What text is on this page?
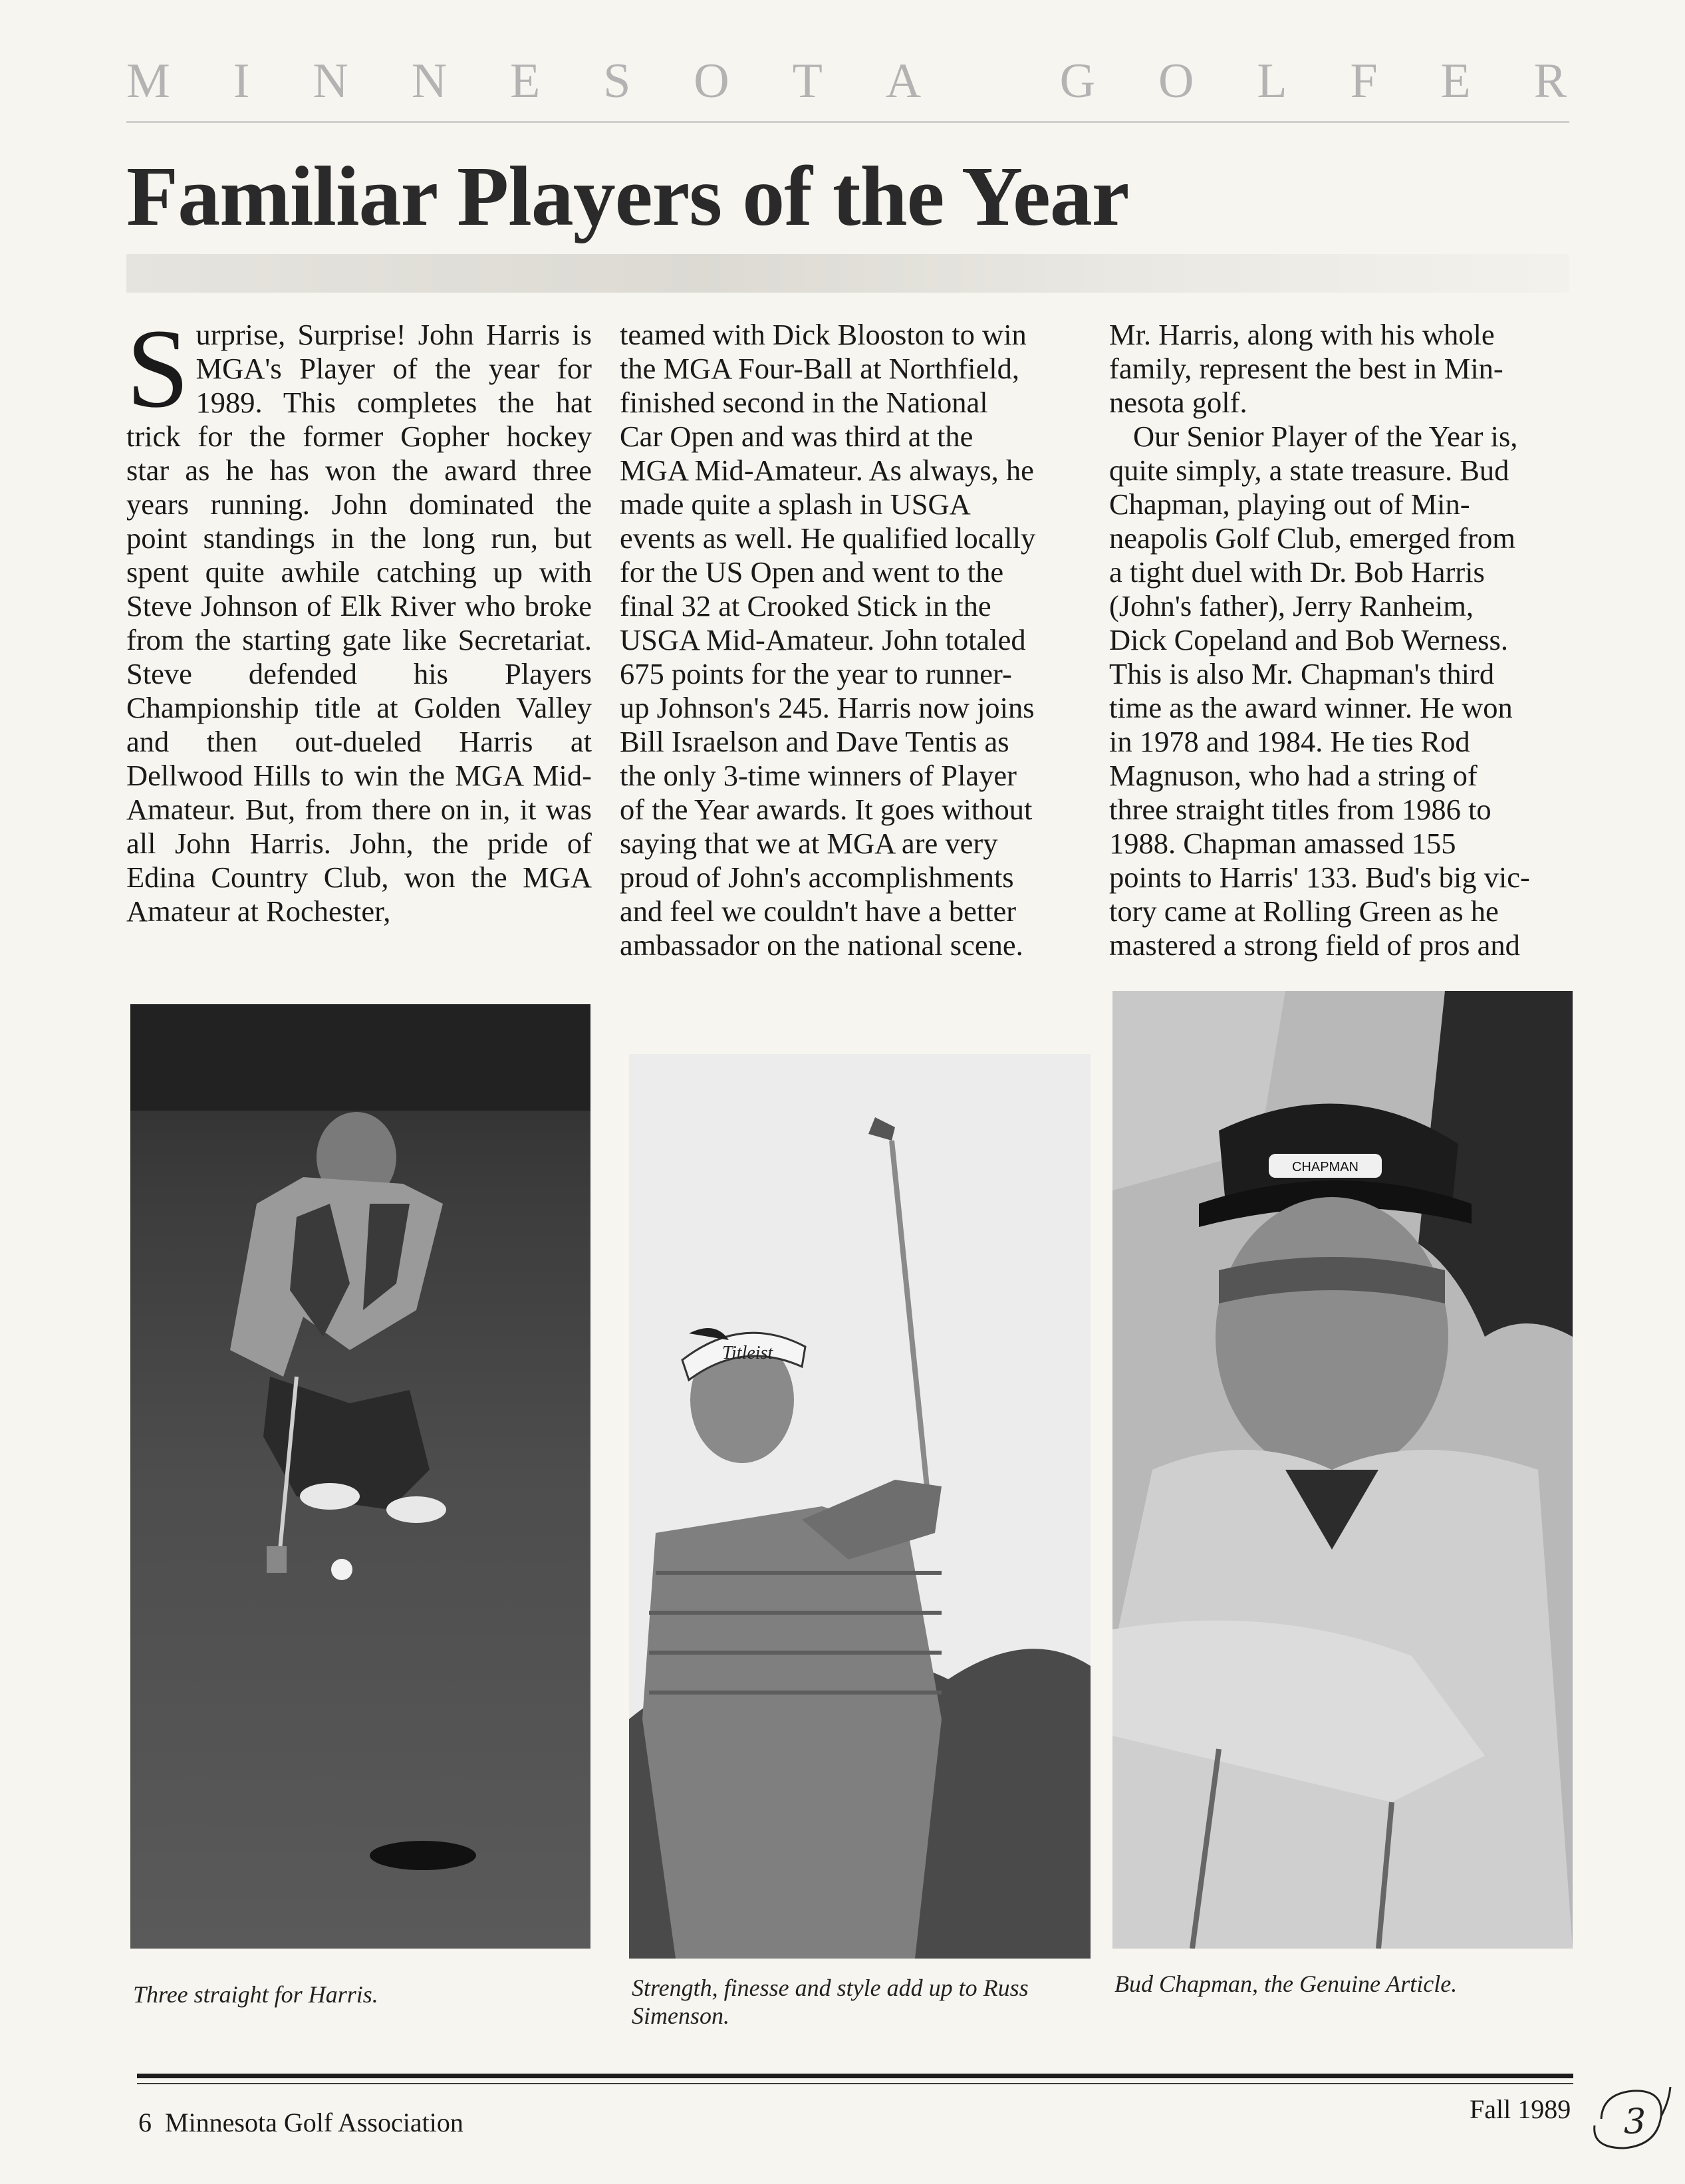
M I N N E S O T A
	G O L F E R
Familiar Players of the Year

Surprise, Surprise! John Harris is MGA's Player of the year for 1989. This completes the hat trick for the former Gopher hockey star as he has won the award three years running. John dominated the point standings in the long run, but spent quite awhile catching up with Steve Johnson of Elk River who broke from the starting gate like Secretariat. Steve defended his Players Championship title at Golden Valley and then out-dueled Harris at Dellwood Hills to win the MGA Mid-Amateur. But, from there on in, it was all John Harris. John, the pride of Edina Country Club, won the MGA Amateur at Rochester,

teamed with Dick Blooston to win
the MGA Four-Ball at Northfield,
finished second in the National
Car Open and was third at the
MGA Mid-Amateur. As always, he
made quite a splash in USGA
events as well. He qualified locally
for the US Open and went to the
final 32 at Crooked Stick in the
USGA Mid-Amateur. John totaled
675 points for the year to runner-
up Johnson's 245. Harris now joins
Bill Israelson and Dave Tentis as
the only 3-time winners of Player
of the Year awards. It goes without
saying that we at MGA are very
proud of John's accomplishments
and feel we couldn't have a better
ambassador on the national scene.
Mr. Harris, along with his whole
family, represent the best in Min-
nesota golf.
Our Senior Player of the Year is,
quite simply, a state treasure. Bud
Chapman, playing out of Min-
neapolis Golf Club, emerged from
a tight duel with Dr. Bob Harris
(John's father), Jerry Ranheim,
Dick Copeland and Bob Werness.
This is also Mr. Chapman's third
time as the award winner. He won
in 1978 and 1984. He ties Rod
Magnuson, who had a string of
three straight titles from 1986 to
1988. Chapman amassed 155
points to Harris' 133. Bud's big vic-
tory came at Rolling Green as he
mastered a strong field of pros and
Titleist
CHAPMAN
Three straight for Harris.	Strength, finesse and style add up to Russ Simenson.
Bud Chapman, the Genuine Article.
6 Minnesota Golf Association	Fall 1989 3
